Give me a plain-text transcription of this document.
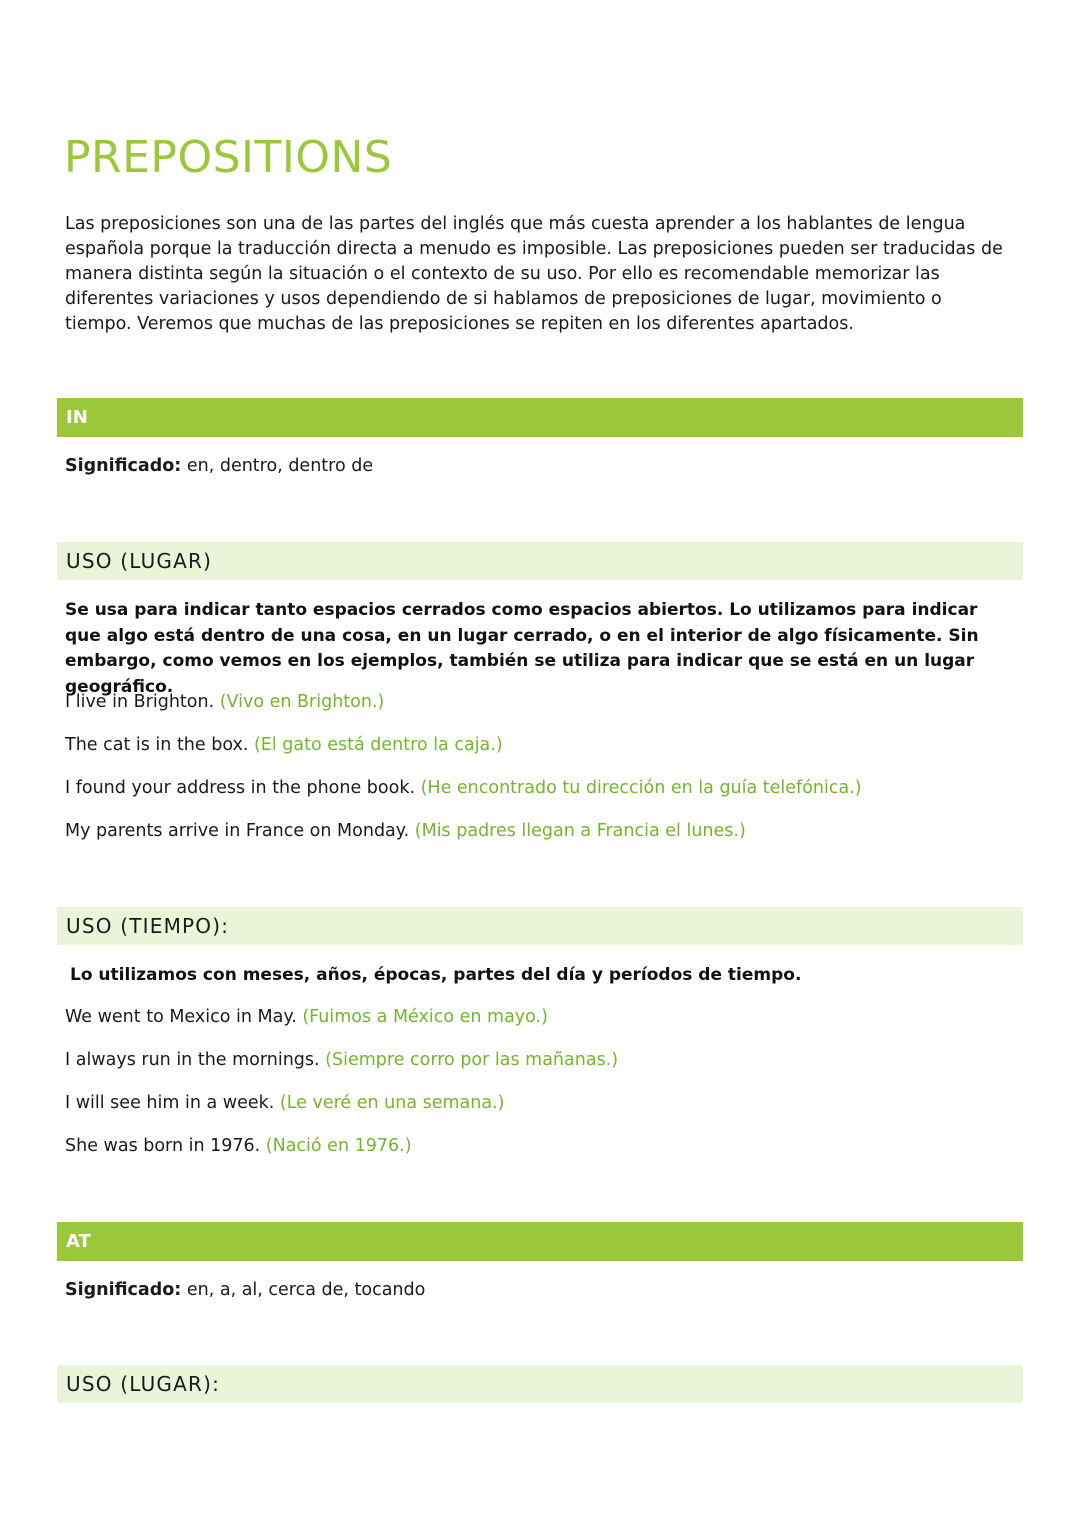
PREPOSITIONS

Las preposiciones son una de las partes del inglés que más cuesta aprender a los hablantes de lengua española porque la traducción directa a menudo es imposible. Las preposiciones pueden ser traducidas de manera distinta según la situación o el contexto de su uso. Por ello es recomendable memorizar las diferentes variaciones y usos dependiendo de si hablamos de preposiciones de lugar, movimiento o tiempo. Veremos que muchas de las preposiciones se repiten en los diferentes apartados.

IN

Significado: en, dentro, dentro de

USO (LUGAR)

Se usa para indicar tanto espacios cerrados como espacios abiertos. Lo utilizamos para indicar que algo está dentro de una cosa, en un lugar cerrado, o en el interior de algo físicamente. Sin embargo, como vemos en los ejemplos, también se utiliza para indicar que se está en un lugar geográfico.

I live in Brighton. (Vivo en Brighton.)

The cat is in the box. (El gato está dentro la caja.)

I found your address in the phone book. (He encontrado tu dirección en la guía telefónica.)

My parents arrive in France on Monday. (Mis padres llegan a Francia el lunes.)

USO (TIEMPO):

Lo utilizamos con meses, años, épocas, partes del día y períodos de tiempo.

We went to Mexico in May. (Fuimos a México en mayo.)

I always run in the mornings. (Siempre corro por las mañanas.)

I will see him in a week. (Le veré en una semana.)

She was born in 1976. (Nació en 1976.)

AT

Significado: en, a, al, cerca de, tocando

USO (LUGAR):
